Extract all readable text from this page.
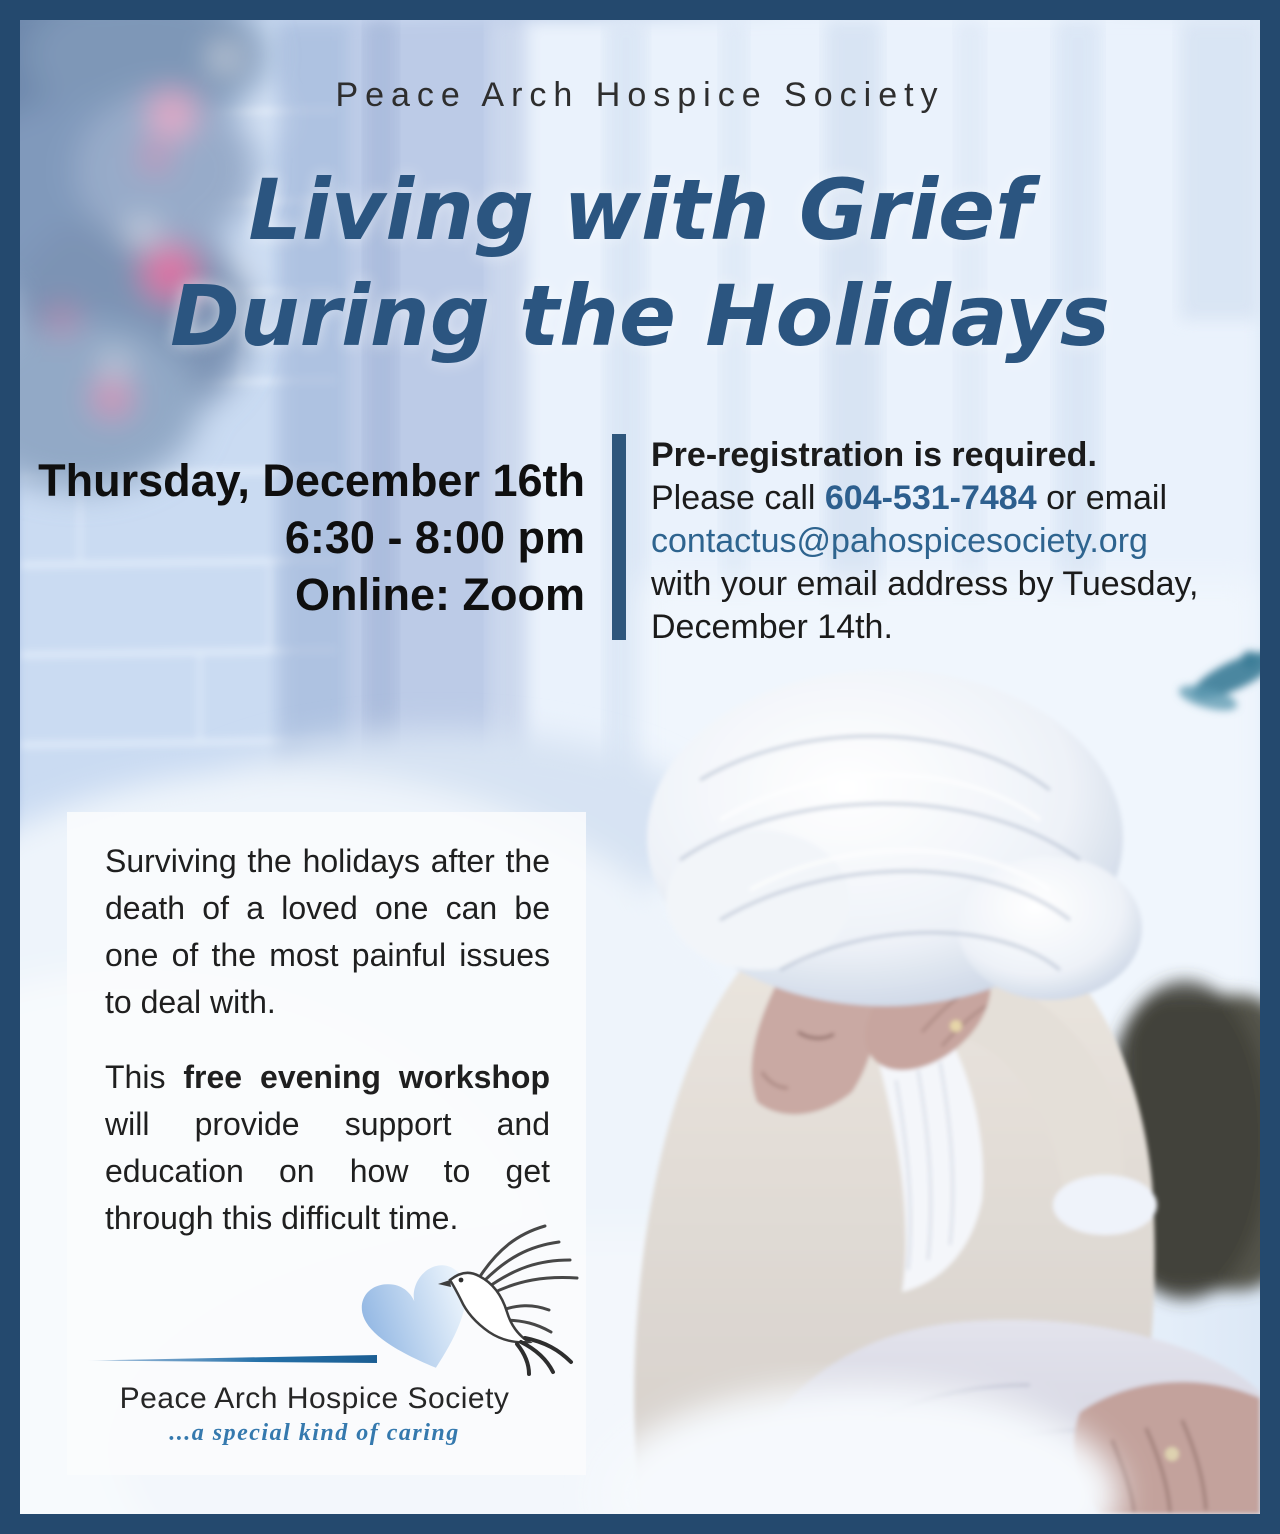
Peace Arch Hospice Society
Living with Grief
During the Holidays
Thursday, December 16th
6:30 - 8:00 pm
Online: Zoom
Pre-registration is required.
Please call 604-531-7484 or email
contactus@pahospicesociety.org
with your email address by Tuesday,
December 14th.
Surviving the holidays after the
death of a loved one can be
one of the most painful issues
to deal with.
This free evening workshop
will provide support and
education on how to get
through this difficult time.
Peace Arch Hospice Society
...a special kind of caring
